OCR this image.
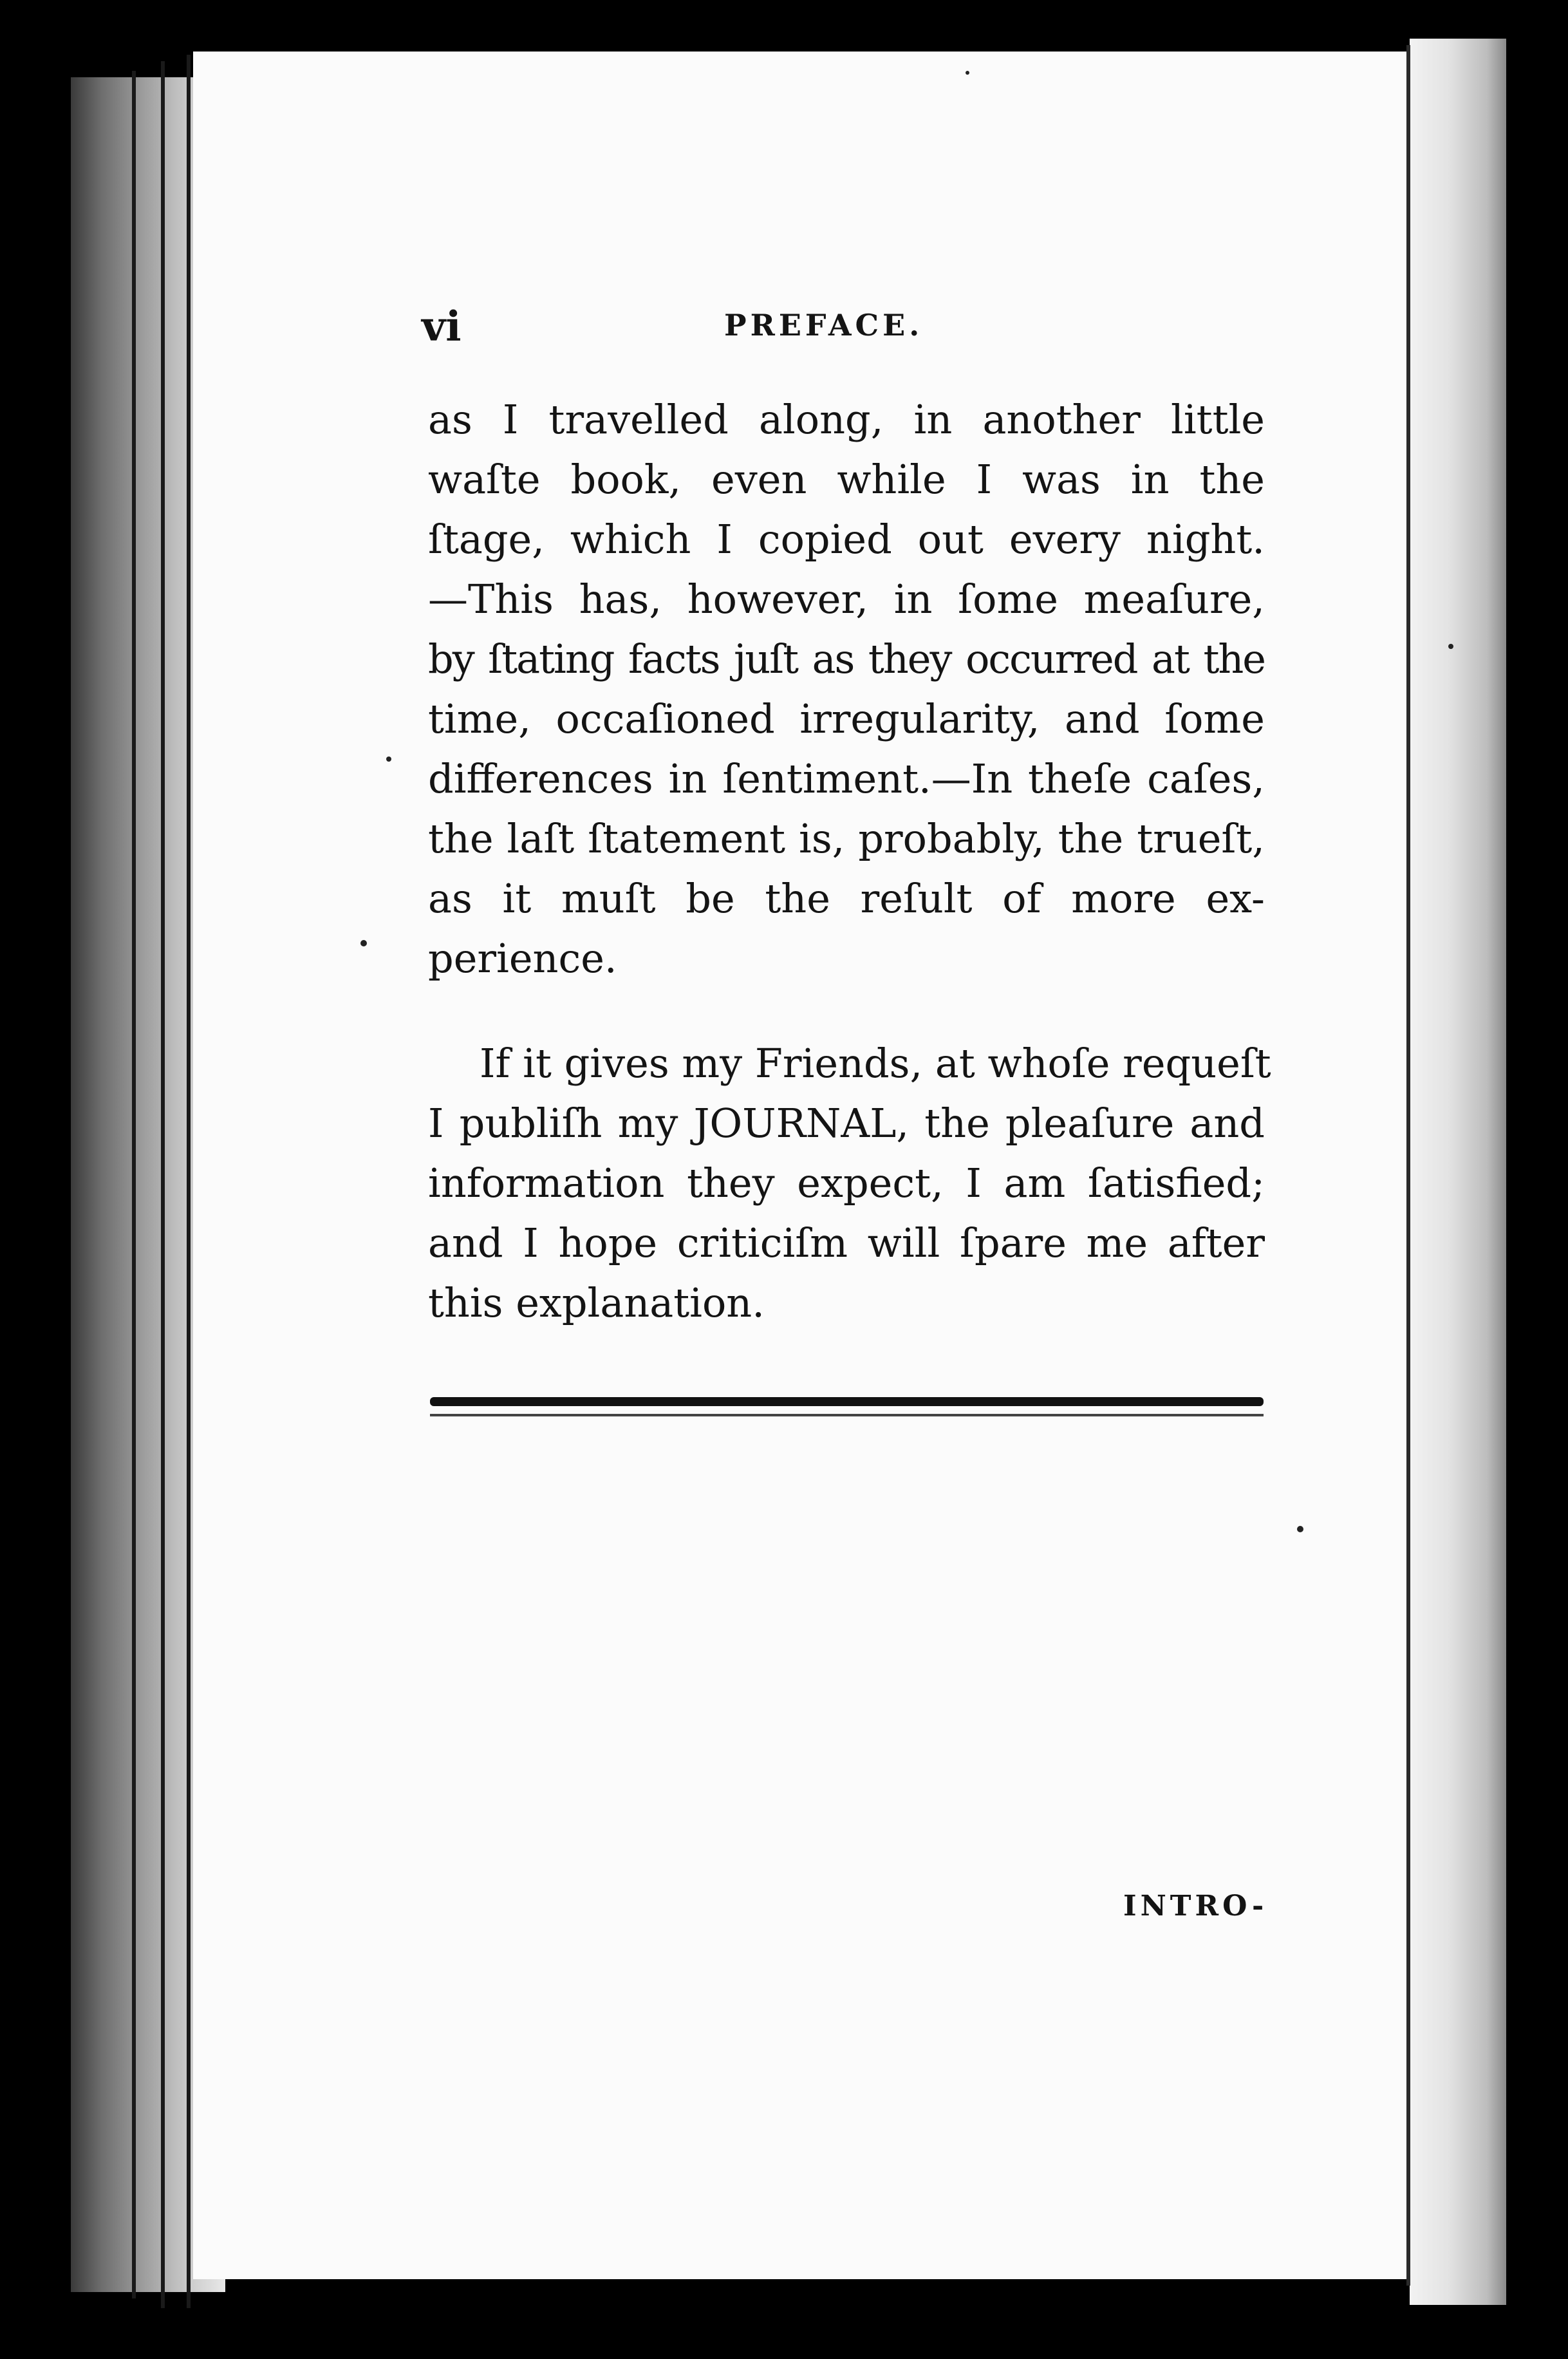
vi	PREFACE.
as I travelled along, in another little
waſte book, even while I was in the
ſtage, which I copied out every night.
—This has, however, in ſome meaſure,
by ſtating facts juſt as they occurred at the
time, occaſioned irregularity, and ſome
differences in ſentiment.—In theſe caſes,
the laſt ſtatement is, probably, the trueſt,
as it muſt be the reſult of more ex-
perience.
If it gives my Friends, at whoſe requeſt
I publiſh my JOURNAL, the pleaſure and
information they expect, I am ſatisfied;
and I hope criticiſm will ſpare me after
this explanation.
INTRO-
